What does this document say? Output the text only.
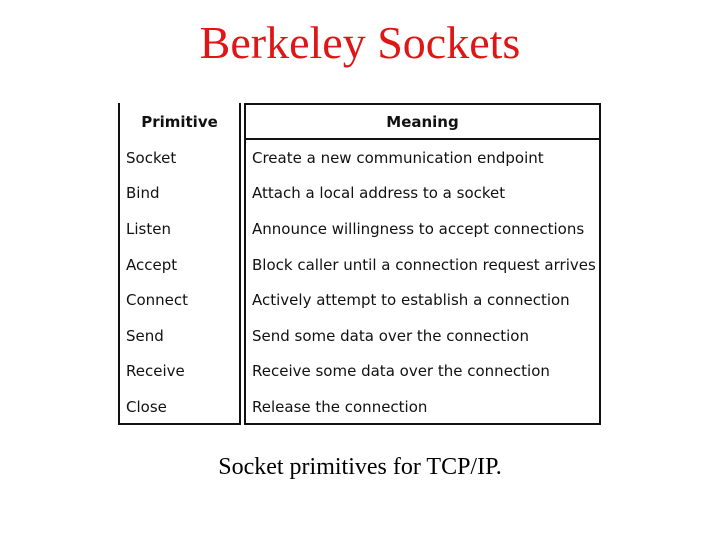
Berkeley Sockets
Primitive	Meaning
Socket	Create a new communication endpoint
Bind	Attach a local address to a socket
Listen	Announce willingness to accept connections
Accept	Block caller until a connection request arrives
Connect	Actively attempt to establish a connection
Send	Send some data over the connection
Receive	Receive some data over the connection
Close	Release the connection
Socket primitives for TCP/IP.
